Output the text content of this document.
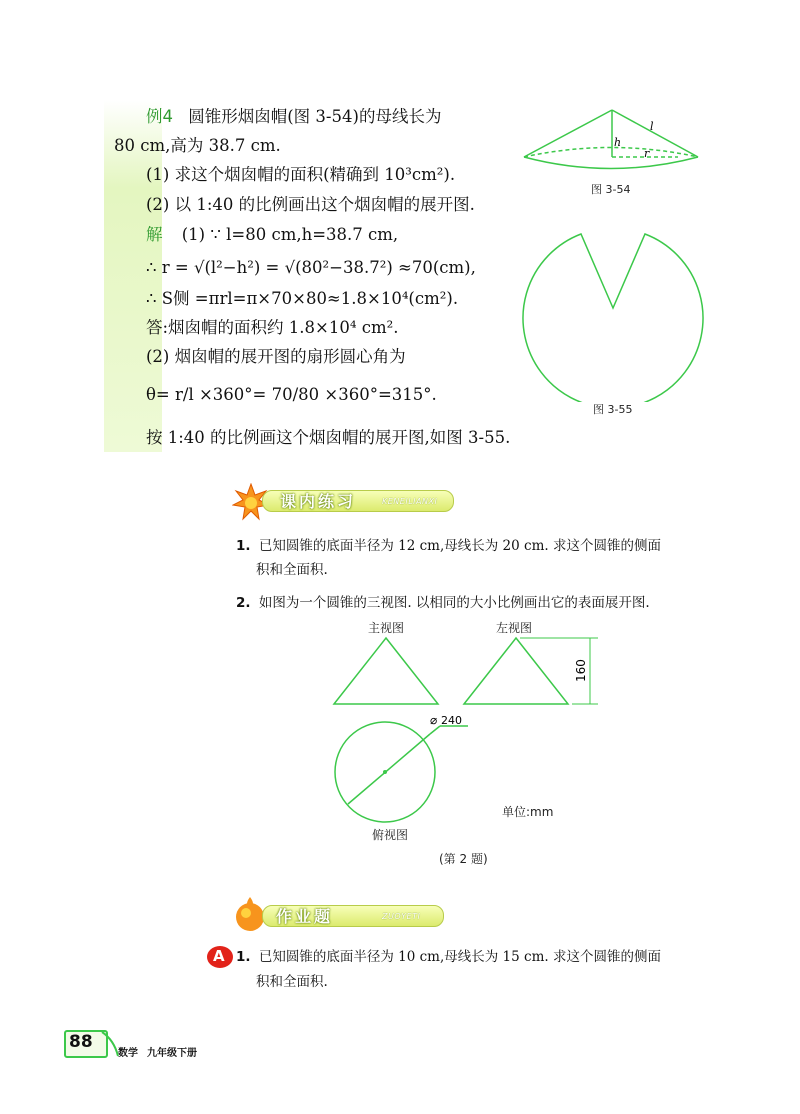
例4 圆锥形烟囱帽(图 3-54)的母线长为
80 cm,高为 38.7 cm.
(1) 求这个烟囱帽的面积(精确到 10³cm²).
(2) 以 1:40 的比例画出这个烟囱帽的展开图.
解 (1) ∵ l=80 cm,h=38.7 cm,
∴ r = √(l²−h²) = √(80²−38.7²) ≈70(cm),
∴ S侧 =πrl=π×70×80≈1.8×10⁴(cm²).
答:烟囱帽的面积约 1.8×10⁴ cm².
(2) 烟囱帽的展开图的扇形圆心角为
θ= r/l ×360°= 70/80 ×360°=315°.
按 1:40 的比例画这个烟囱帽的展开图,如图 3-55.
l
h
r
图 3-54
图 3-55
课内练习	KENEILIANXI
1. 已知圆锥的底面半径为 12 cm,母线长为 20 cm. 求这个圆锥的侧面
积和全面积.
2. 如图为一个圆锥的三视图. 以相同的大小比例画出它的表面展开图.
主视图	左视图
160
⌀ 240
单位:mm
俯视图
(第 2 题)
作业题	ZUOYETI
A 1. 已知圆锥的底面半径为 10 cm,母线长为 15 cm. 求这个圆锥的侧面
积和全面积.
88
数学 九年级下册
